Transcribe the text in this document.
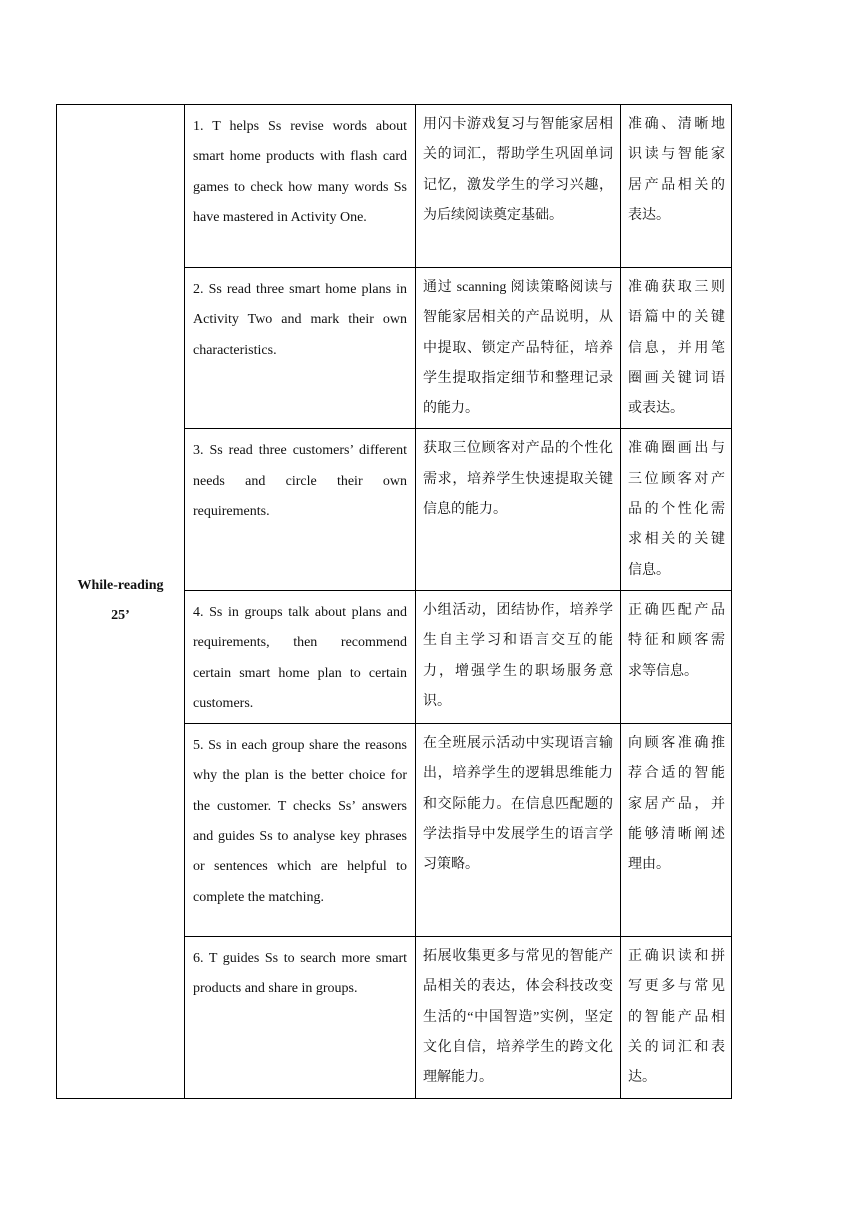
While-reading
25’	1. T helps Ss revise words about smart home products with flash card games to check how many words Ss have mastered in Activity One.	用闪卡游戏复习与智能家居相关的词汇，帮助学生巩固单词记忆，激发学生的学习兴趣，为后续阅读奠定基础。	准确、清晰地识读与智能家居产品相关的表达。

	2. Ss read three smart home plans in Activity Two and mark their own characteristics.	通过 scanning 阅读策略阅读与智能家居相关的产品说明，从中提取、锁定产品特征，培养学生提取指定细节和整理记录的能力。	准确获取三则语篇中的关键信息，并用笔圈画关键词语或表达。

	3. Ss read three customers’ different needs and circle their own requirements.	获取三位顾客对产品的个性化需求，培养学生快速提取关键信息的能力。	准确圈画出与三位顾客对产品的个性化需求相关的关键信息。

	4. Ss in groups talk about plans and requirements, then recommend certain smart home plan to certain customers.	小组活动，团结协作，培养学生自主学习和语言交互的能力，增强学生的职场服务意识。	正确匹配产品特征和顾客需求等信息。

	5. Ss in each group share the reasons why the plan is the better choice for the customer. T checks Ss’ answers and guides Ss to analyse key phrases or sentences which are helpful to complete the matching.	在全班展示活动中实现语言输出，培养学生的逻辑思维能力和交际能力。在信息匹配题的学法指导中发展学生的语言学习策略。	向顾客准确推荐合适的智能家居产品，并能够清晰阐述理由。

	6. T guides Ss to search more smart products and share in groups.	拓展收集更多与常见的智能产品相关的表达，体会科技改变生活的“中国智造”实例，坚定文化自信，培养学生的跨文化理解能力。	正确识读和拼写更多与常见的智能产品相关的词汇和表达。
